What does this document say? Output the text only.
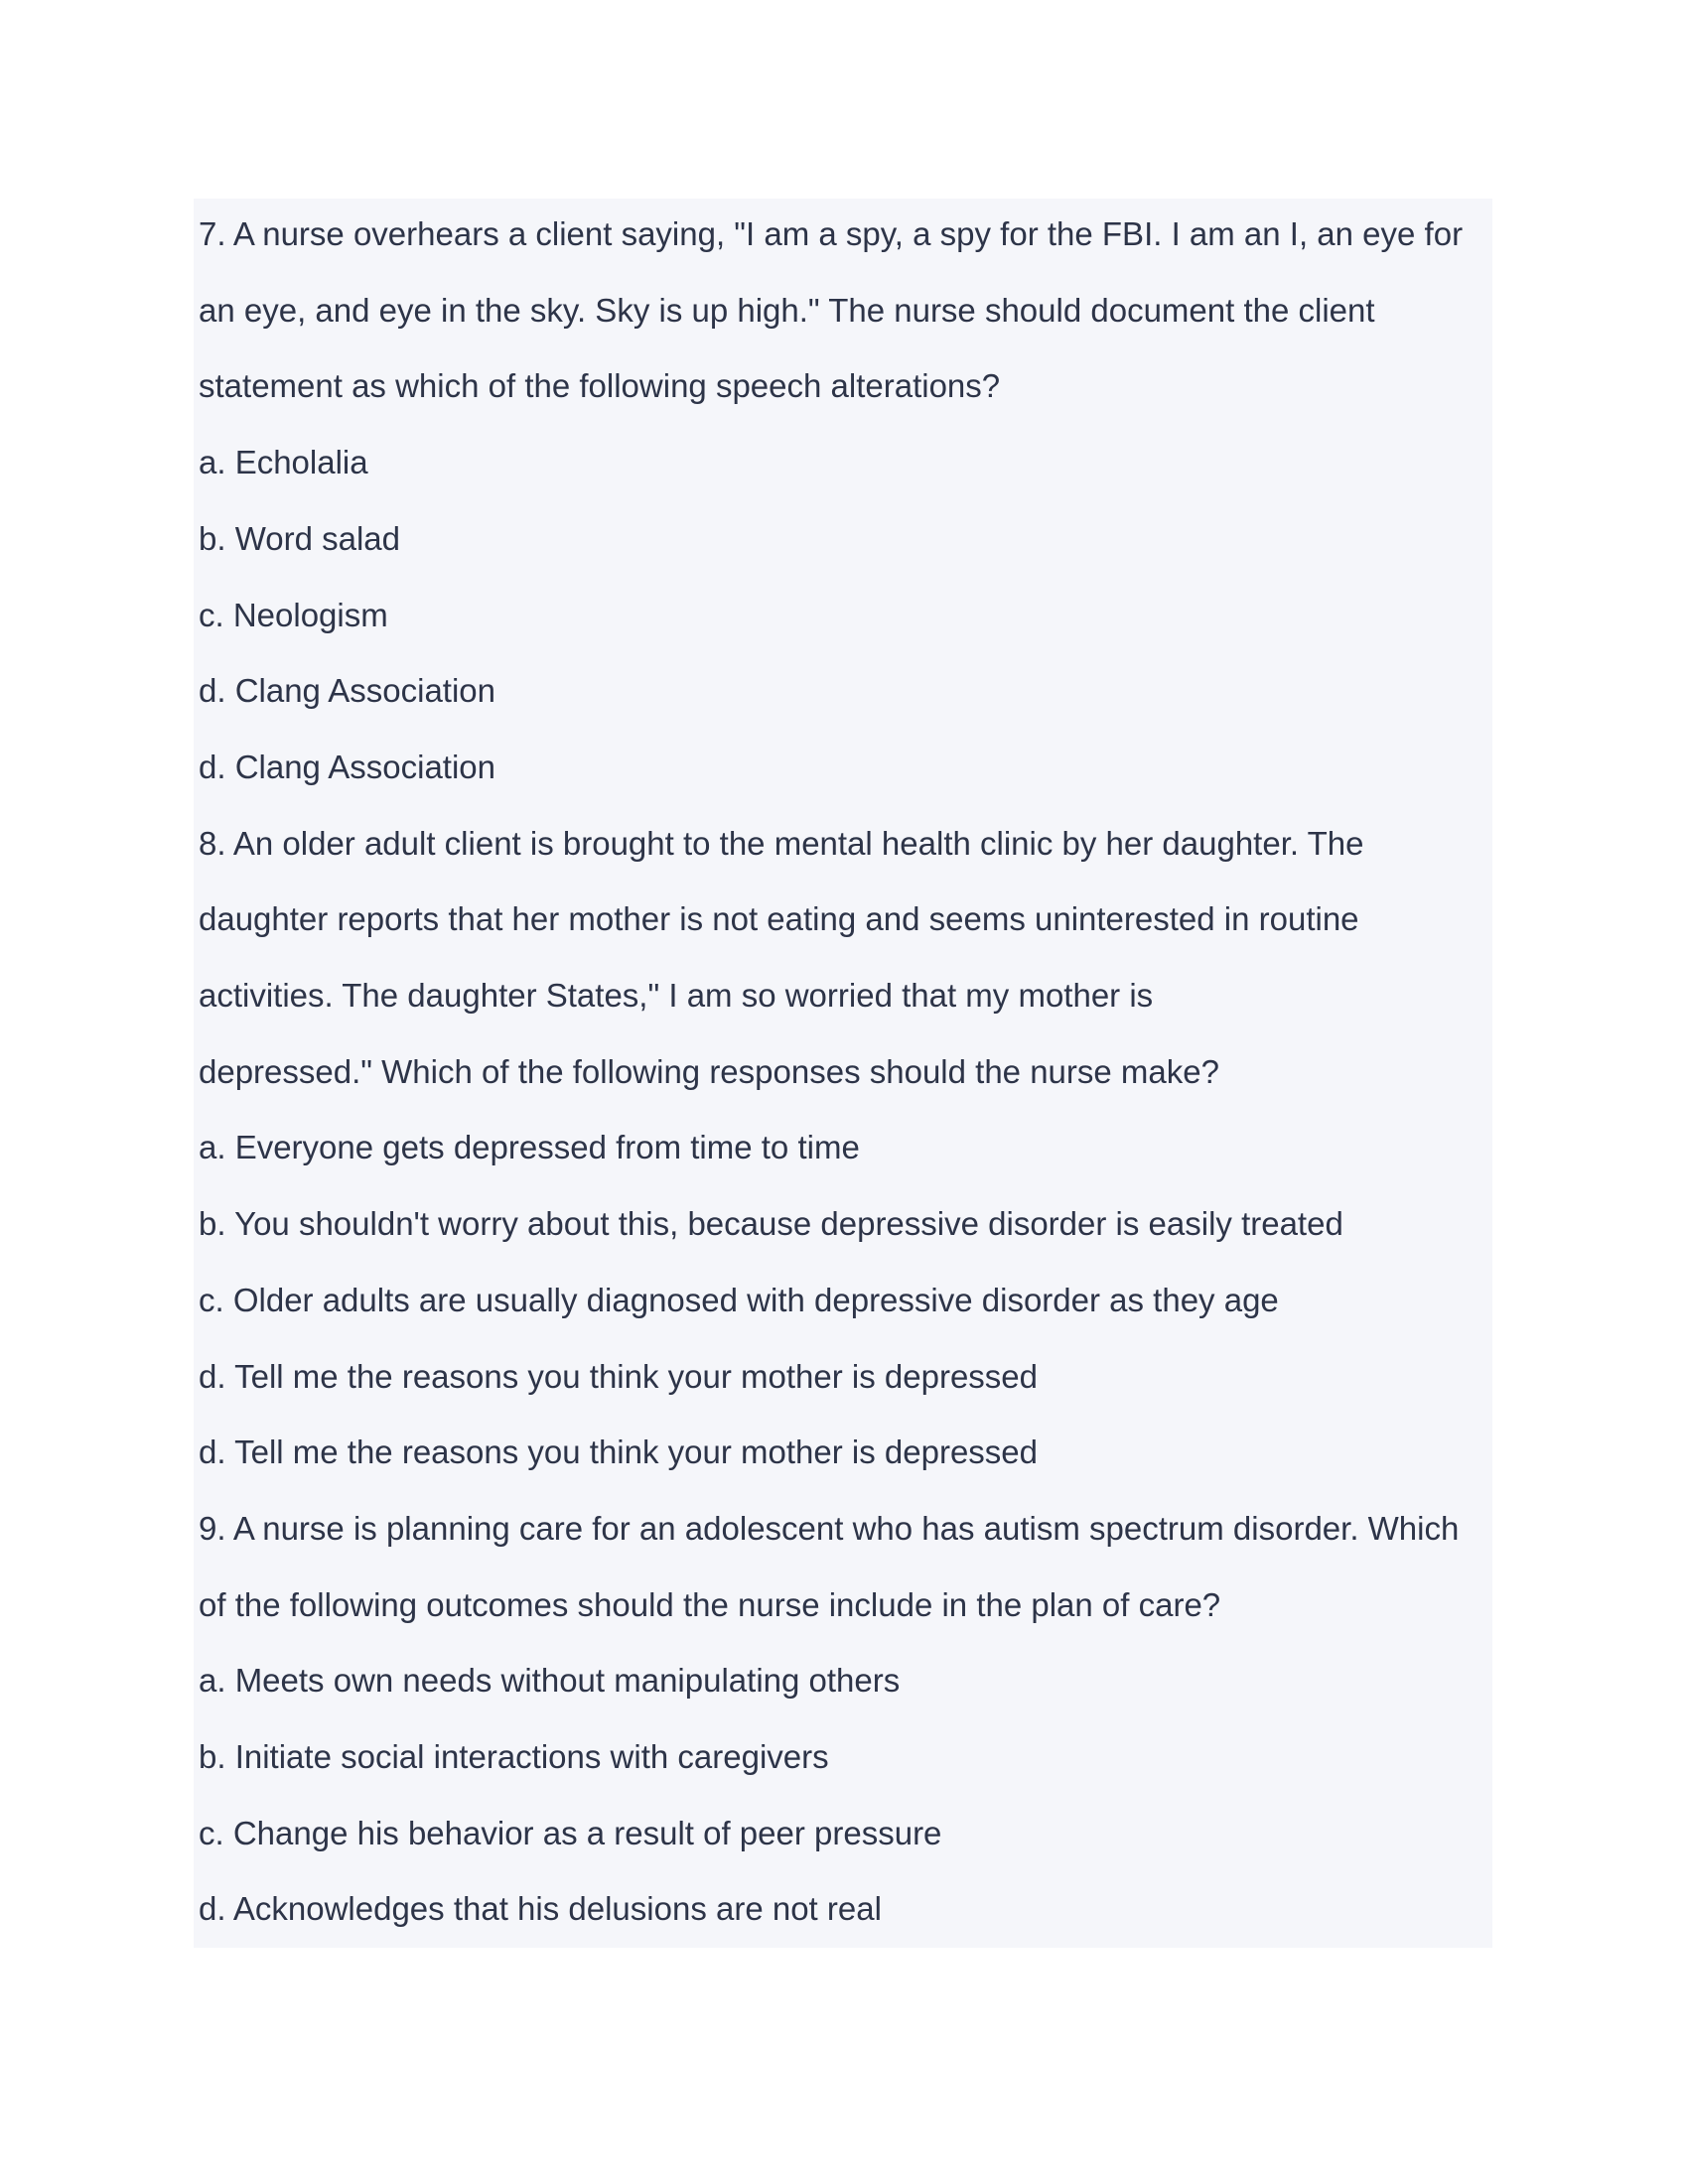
7. A nurse overhears a client saying, "I am a spy, a spy for the FBI. I am an I, an eye for
an eye, and eye in the sky. Sky is up high." The nurse should document the client
statement as which of the following speech alterations?
a. Echolalia
b. Word salad
c. Neologism
d. Clang Association
d. Clang Association
8. An older adult client is brought to the mental health clinic by her daughter. The
daughter reports that her mother is not eating and seems uninterested in routine
activities. The daughter States," I am so worried that my mother is
depressed." Which of the following responses should the nurse make?
a. Everyone gets depressed from time to time
b. You shouldn't worry about this, because depressive disorder is easily treated
c. Older adults are usually diagnosed with depressive disorder as they age
d. Tell me the reasons you think your mother is depressed
d. Tell me the reasons you think your mother is depressed
9. A nurse is planning care for an adolescent who has autism spectrum disorder. Which
of the following outcomes should the nurse include in the plan of care?
a. Meets own needs without manipulating others
b. Initiate social interactions with caregivers
c. Change his behavior as a result of peer pressure
d. Acknowledges that his delusions are not real
